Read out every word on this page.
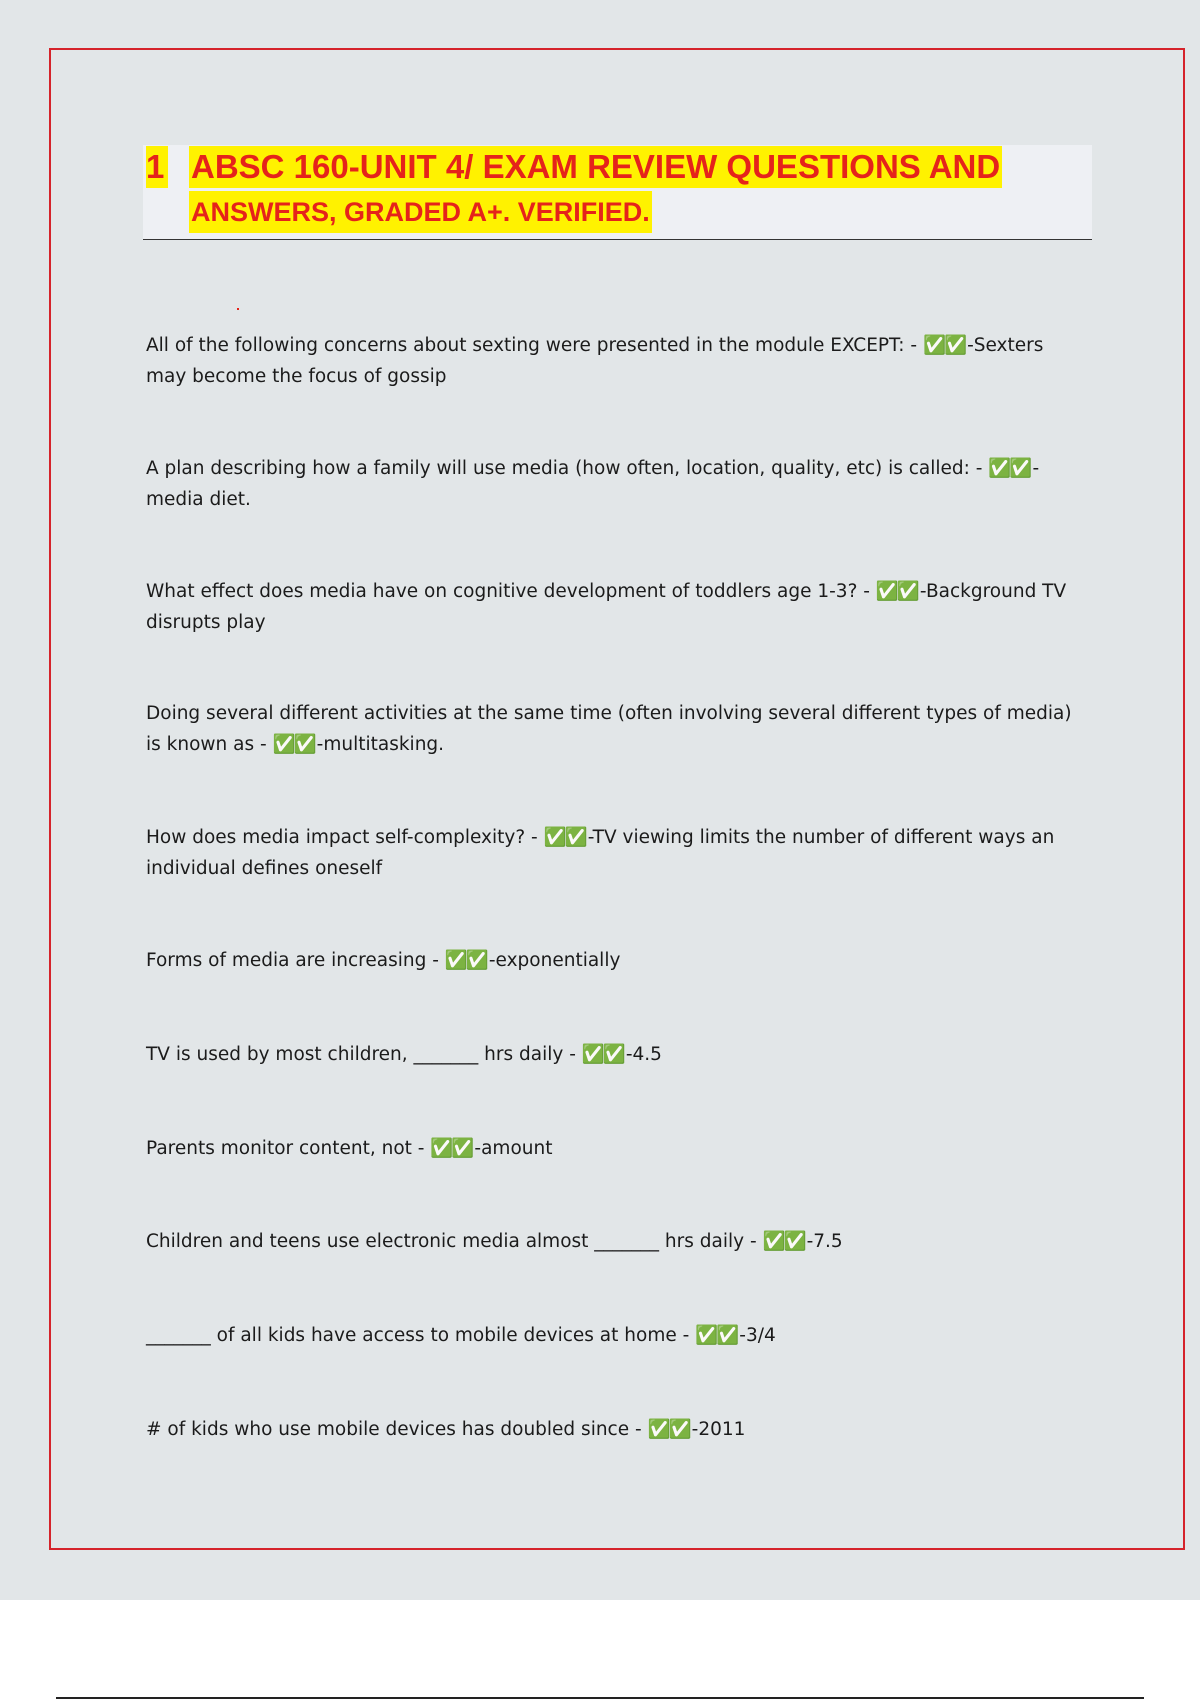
1 ABSC 160-UNIT 4/ EXAM REVIEW QUESTIONS AND
ANSWERS, GRADED A+. VERIFIED.

All of the following concerns about sexting were presented in the module EXCEPT: - ✅✅ -Sexters may become the focus of gossip

A plan describing how a family will use media (how often, location, quality, etc) is called: - ✅✅ -media diet.

What effect does media have on cognitive development of toddlers age 1-3? - ✅✅ -Background TV disrupts play

Doing several different activities at the same time (often involving several different types of media) is known as - ✅✅ -multitasking.

How does media impact self-complexity? - ✅✅ -TV viewing limits the number of different ways an individual defines oneself

Forms of media are increasing - ✅✅ -exponentially

TV is used by most children, _______ hrs daily - ✅✅ -4.5

Parents monitor content, not - ✅✅ -amount

Children and teens use electronic media almost _______ hrs daily - ✅✅ -7.5

_______ of all kids have access to mobile devices at home - ✅✅ -3/4

# of kids who use mobile devices has doubled since - ✅✅ -2011
